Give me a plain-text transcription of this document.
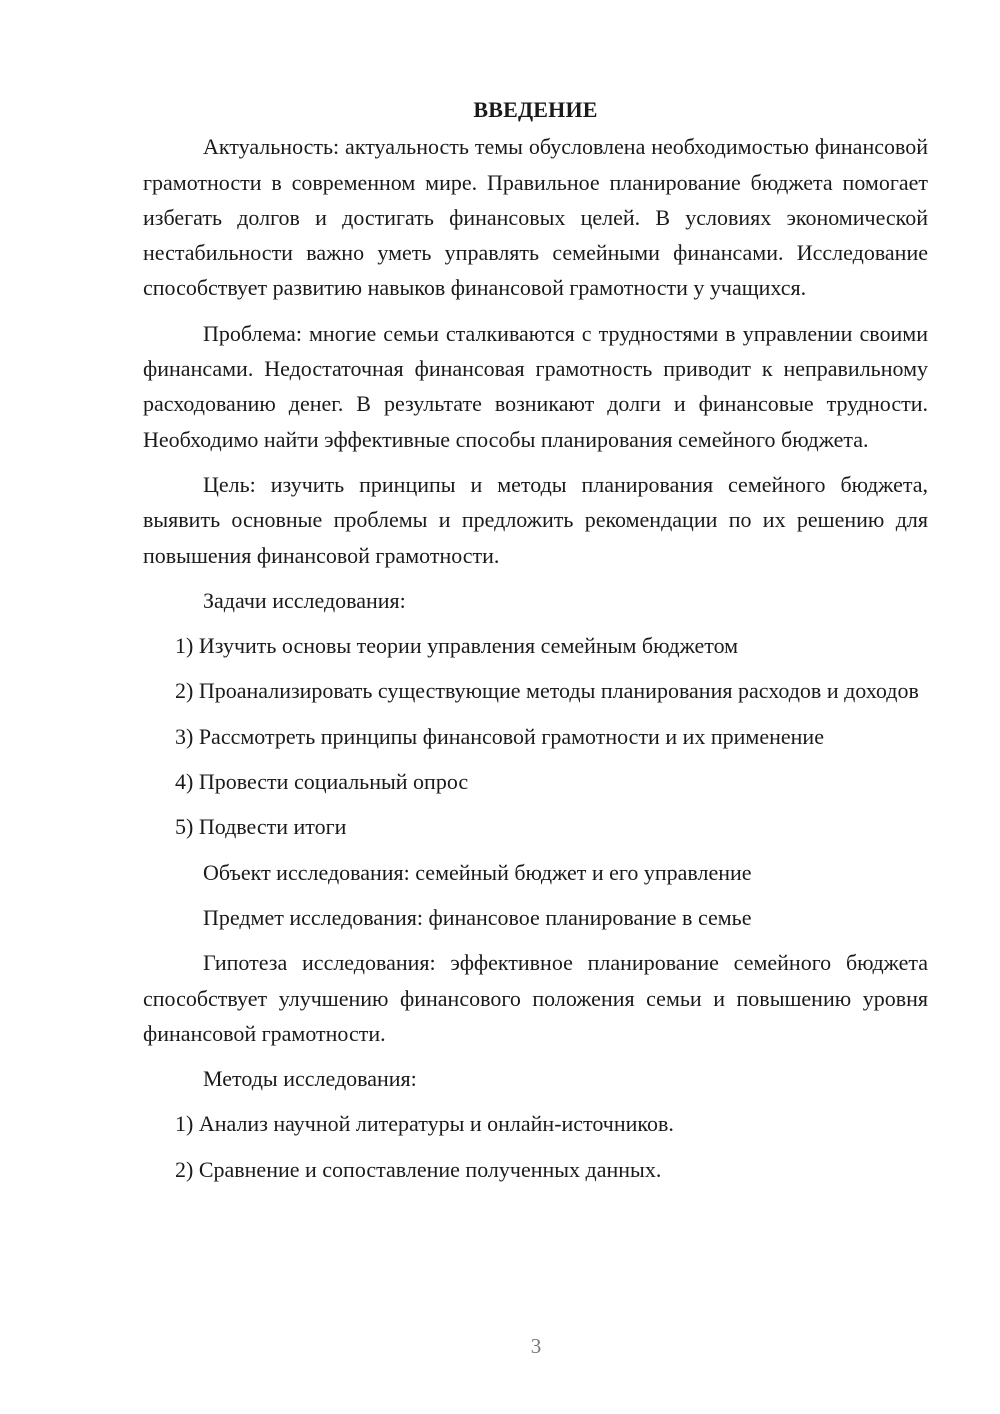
ВВЕДЕНИЕ
Актуальность: актуальность темы обусловлена необходимостью финансовой грамотности в современном мире. Правильное планирование бюджета помогает избегать долгов и достигать финансовых целей. В условиях экономической нестабильности важно уметь управлять семейными финансами. Исследование способствует развитию навыков финансовой грамотности у учащихся.
Проблема: многие семьи сталкиваются с трудностями в управлении своими финансами. Недостаточная финансовая грамотность приводит к неправильному расходованию денег. В результате возникают долги и финансовые трудности. Необходимо найти эффективные способы планирования семейного бюджета.
Цель: изучить принципы и методы планирования семейного бюджета, выявить основные проблемы и предложить рекомендации по их решению для повышения финансовой грамотности.
Задачи исследования:
1) Изучить основы теории управления семейным бюджетом
2) Проанализировать существующие методы планирования расходов и доходов
3) Рассмотреть принципы финансовой грамотности и их применение
4) Провести социальный опрос
5) Подвести итоги
Объект исследования: семейный бюджет и его управление
Предмет исследования: финансовое планирование в семье
Гипотеза исследования: эффективное планирование семейного бюджета способствует улучшению финансового положения семьи и повышению уровня финансовой грамотности.
Методы исследования:
1) Анализ научной литературы и онлайн-источников.
2) Сравнение и сопоставление полученных данных.
3
